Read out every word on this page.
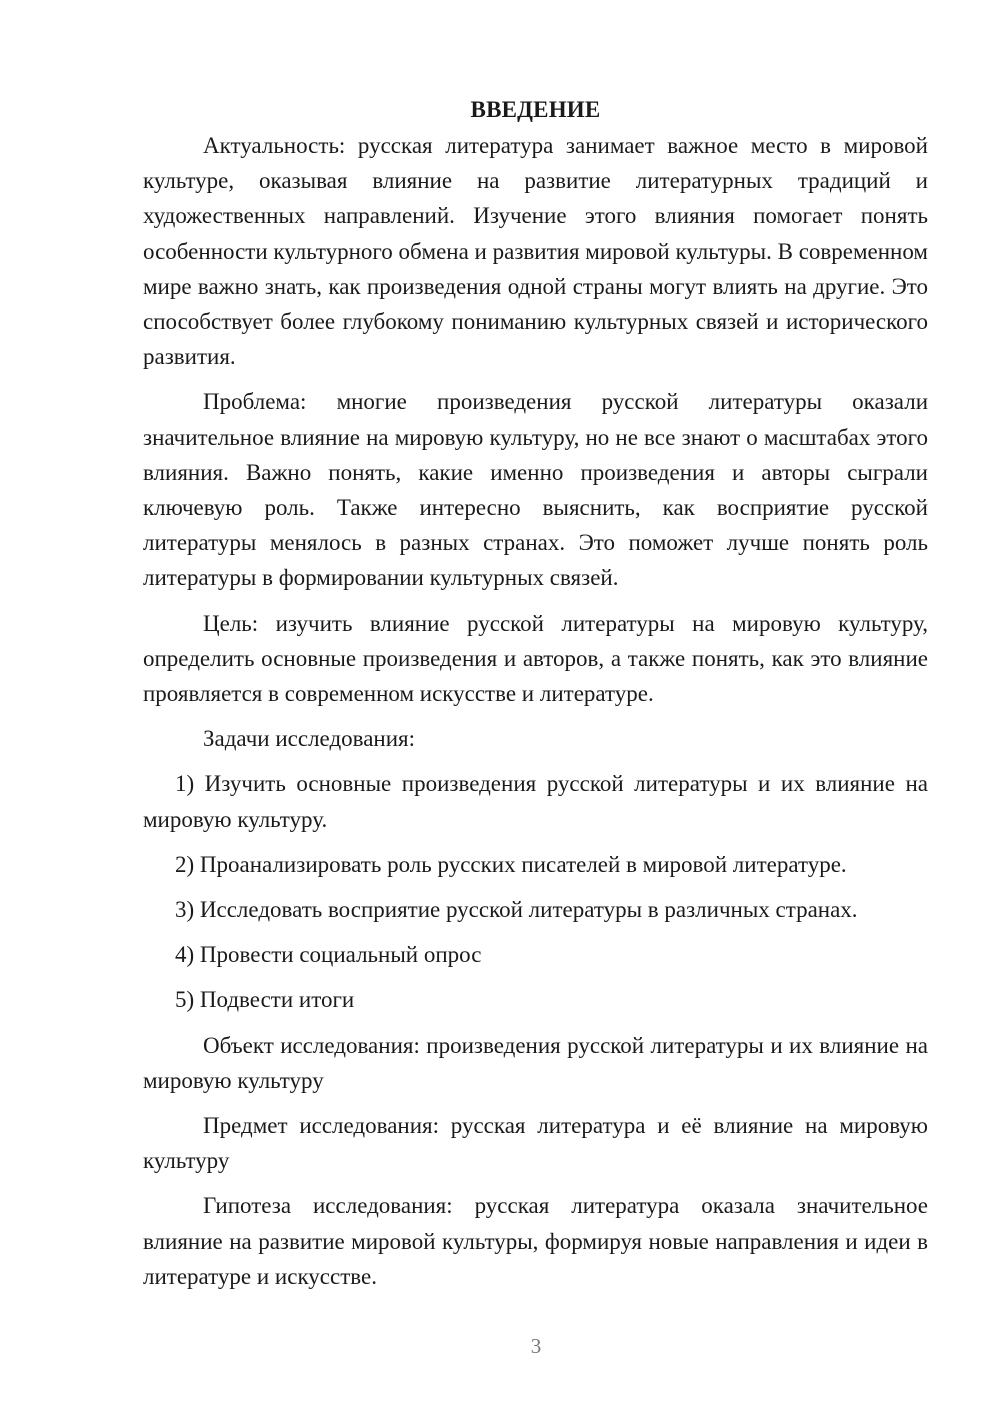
ВВЕДЕНИЕ

Актуальность: русская литература занимает важное место в мировой культуре, оказывая влияние на развитие литературных традиций и художественных направлений. Изучение этого влияния помогает понять особенности культурного обмена и развития мировой культуры. В современном мире важно знать, как произведения одной страны могут влиять на другие. Это способствует более глубокому пониманию культурных связей и исторического развития.

Проблема: многие произведения русской литературы оказали значительное влияние на мировую культуру, но не все знают о масштабах этого влияния. Важно понять, какие именно произведения и авторы сыграли ключевую роль. Также интересно выяснить, как восприятие русской литературы менялось в разных странах. Это поможет лучше понять роль литературы в формировании культурных связей.

Цель: изучить влияние русской литературы на мировую культуру, определить основные произведения и авторов, а также понять, как это влияние проявляется в современном искусстве и литературе.

Задачи исследования:

1) Изучить основные произведения русской литературы и их влияние на мировую культуру.

2) Проанализировать роль русских писателей в мировой литературе.

3) Исследовать восприятие русской литературы в различных странах.

4) Провести социальный опрос

5) Подвести итоги

Объект исследования: произведения русской литературы и их влияние на мировую культуру

Предмет исследования: русская литература и её влияние на мировую культуру

Гипотеза исследования: русская литература оказала значительное влияние на развитие мировой культуры, формируя новые направления и идеи в литературе и искусстве.

3
